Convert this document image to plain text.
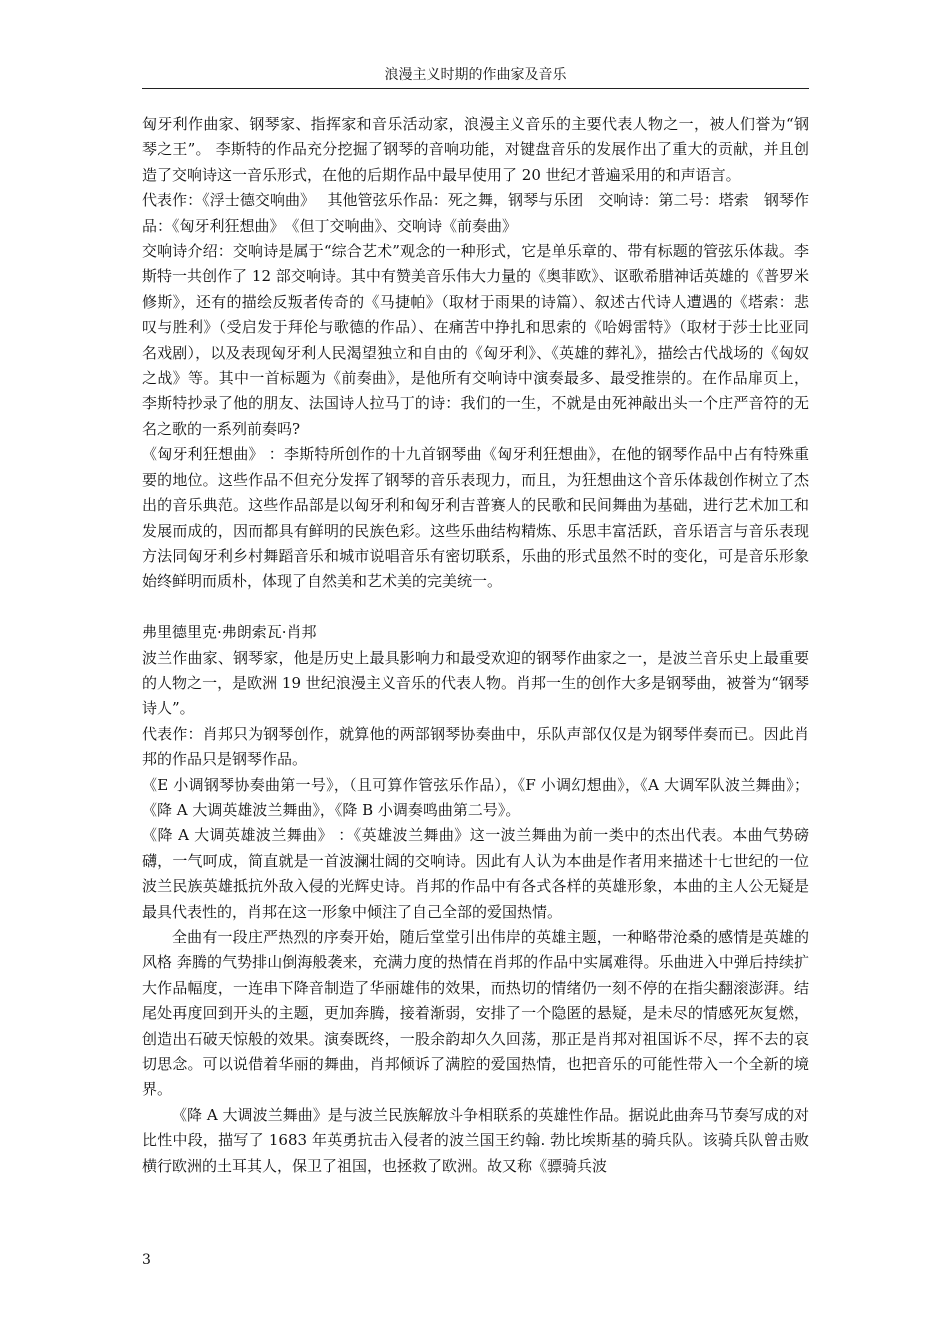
浪漫主义时期的作曲家及音乐

匈牙利作曲家、钢琴家、指挥家和音乐活动家，浪漫主义音乐的主要代表人物之一，被人们誉为“钢琴之王”。 李斯特的作品充分挖掘了钢琴的音响功能，对键盘音乐的发展作出了重大的贡献，并且创造了交响诗这一音乐形式，在他的后期作品中最早使用了 20 世纪才普遍采用的和声语言。

代表作：《浮士德交响曲》　 其他管弦乐作品：死之舞，钢琴与乐团　交响诗：第二号：塔索　钢琴作品：《匈牙利狂想曲》　《但丁交响曲》、交响诗《前奏曲》

交响诗介绍：交响诗是属于“综合艺术”观念的一种形式，它是单乐章的、带有标题的管弦乐体裁。李斯特一共创作了 12 部交响诗。其中有赞美音乐伟大力量的《奥菲欧》、讴歌希腊神话英雄的《普罗米修斯》，还有的描绘反叛者传奇的《马捷帕》（取材于雨果的诗篇）、叙述古代诗人遭遇的《塔索：悲叹与胜利》（受启发于拜伦与歌德的作品）、在痛苦中挣扎和思索的《哈姆雷特》（取材于莎士比亚同名戏剧），以及表现匈牙利人民渴望独立和自由的《匈牙利》、《英雄的葬礼》，描绘古代战场的《匈奴之战》等。其中一首标题为《前奏曲》，是他所有交响诗中演奏最多、最受推崇的。在作品扉页上，李斯特抄录了他的朋友、法国诗人拉马丁的诗：我们的一生，不就是由死神敲出头一个庄严音符的无名之歌的一系列前奏吗?

《匈牙利狂想曲》 ：李斯特所创作的十九首钢琴曲《匈牙利狂想曲》，在他的钢琴作品中占有特殊重要的地位。这些作品不但充分发挥了钢琴的音乐表现力，而且，为狂想曲这个音乐体裁创作树立了杰出的音乐典范。这些作品部是以匈牙利和匈牙利吉普赛人的民歌和民间舞曲为基础，进行艺术加工和发展而成的，因而都具有鲜明的民族色彩。这些乐曲结构精炼、乐思丰富活跃，音乐语言与音乐表现方法同匈牙利乡村舞蹈音乐和城市说唱音乐有密切联系，乐曲的形式虽然不时的变化，可是音乐形象始终鲜明而质朴，体现了自然美和艺术美的完美统一。

弗里德里克·弗朗索瓦·肖邦

波兰作曲家、钢琴家，他是历史上最具影响力和最受欢迎的钢琴作曲家之一，是波兰音乐史上最重要的人物之一，是欧洲 19 世纪浪漫主义音乐的代表人物。肖邦一生的创作大多是钢琴曲，被誉为“钢琴诗人”。

代表作：肖邦只为钢琴创作，就算他的两部钢琴协奏曲中，乐队声部仅仅是为钢琴伴奏而已。因此肖邦的作品只是钢琴作品。

《E 小调钢琴协奏曲第一号》，（且可算作管弦乐作品），《F 小调幻想曲》，《A 大调军队波兰舞曲》；《降 A 大调英雄波兰舞曲》，《降 B 小调奏鸣曲第二号》。

《降 A 大调英雄波兰舞曲》 ：《英雄波兰舞曲》这一波兰舞曲为前一类中的杰出代表。本曲气势磅礴，一气呵成，简直就是一首波澜壮阔的交响诗。因此有人认为本曲是作者用来描述十七世纪的一位波兰民族英雄抵抗外敌入侵的光辉史诗。肖邦的作品中有各式各样的英雄形象，本曲的主人公无疑是最具代表性的，肖邦在这一形象中倾注了自己全部的爱国热情。

全曲有一段庄严热烈的序奏开始，随后堂堂引出伟岸的英雄主题，一种略带沧桑的感情是英雄的风格 奔腾的气势排山倒海般袭来，充满力度的热情在肖邦的作品中实属难得。乐曲进入中弹后持续扩大作品幅度，一连串下降音制造了华丽雄伟的效果，而热切的情绪仍一刻不停的在指尖翻滚澎湃。结尾处再度回到开头的主题，更加奔腾，接着渐弱，安排了一个隐匿的悬疑，是未尽的情感死灰复燃，创造出石破天惊般的效果。演奏既终，一股余韵却久久回荡，那正是肖邦对祖国诉不尽，挥不去的哀切思念。可以说借着华丽的舞曲，肖邦倾诉了满腔的爱国热情，也把音乐的可能性带入一个全新的境界。

《降 A 大调波兰舞曲》是与波兰民族解放斗争相联系的英雄性作品。据说此曲奔马节奏写成的对比性中段，描写了 1683 年英勇抗击入侵者的波兰国王约翰. 勃比埃斯基的骑兵队。该骑兵队曾击败横行欧洲的土耳其人，保卫了祖国，也拯救了欧洲。故又称《骠骑兵波

3
